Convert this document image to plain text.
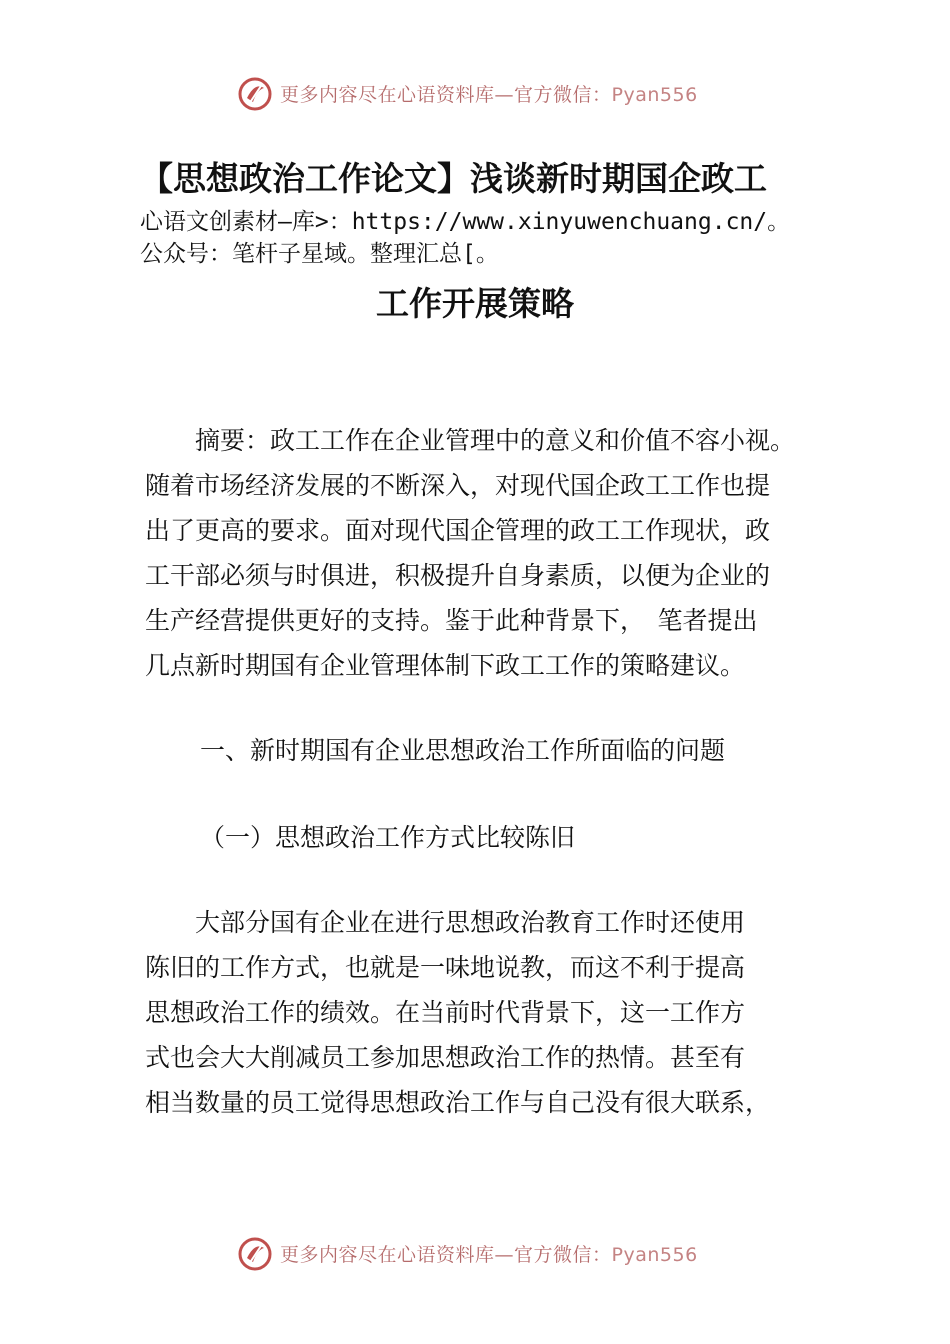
更多内容尽在心语资料库—官方微信：Pyan556
【思想政治工作论文】浅谈新时期国企政工
心语文创素材—库>：https://www.xinyuwenchuang.cn/。
公众号：笔杆子星域。整理汇总[。
工作开展策略
　　摘要：政工工作在企业管理中的意义和价值不容小视。
随着市场经济发展的不断深入，对现代国企政工工作也提
出了更高的要求。面对现代国企管理的政工工作现状，政
工干部必须与时俱进，积极提升自身素质，以便为企业的
生产经营提供更好的支持。鉴于此种背景下，　笔者提出
几点新时期国有企业管理体制下政工工作的策略建议。
一、新时期国有企业思想政治工作所面临的问题
（一）思想政治工作方式比较陈旧
　　大部分国有企业在进行思想政治教育工作时还使用
陈旧的工作方式，也就是一味地说教，而这不利于提高
思想政治工作的绩效。在当前时代背景下，这一工作方
式也会大大削减员工参加思想政治工作的热情。甚至有
相当数量的员工觉得思想政治工作与自己没有很大联系，
更多内容尽在心语资料库—官方微信：Pyan556
